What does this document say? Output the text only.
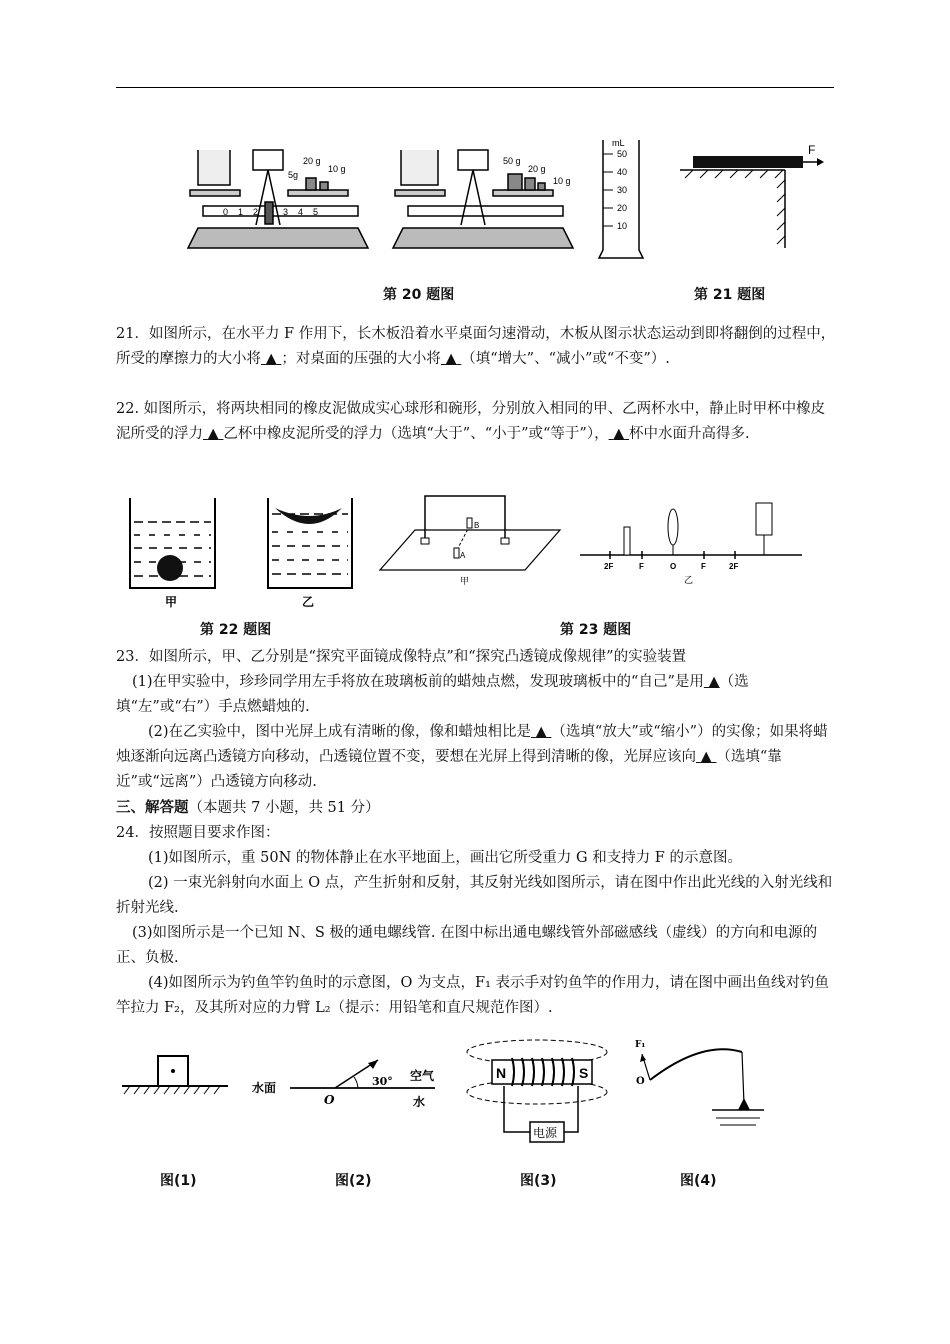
20 g
10 g
5g
50 g
20 g
10 g
0 1 2	3 4 5
mL
50
40
30
20
10
F
第 20 题图	第 21 题图
21．如图所示，在水平力 F 作用下，长木板沿着水平桌面匀速滑动，木板从图示状态运动到即将翻倒的过程中，所受的摩擦力的大小将 ▲ ；对桌面的压强的大小将 ▲ （填“增大”、“减小”或“不变”）.
22. 如图所示，将两块相同的橡皮泥做成实心球形和碗形，分别放入相同的甲、乙两杯水中，静止时甲杯中橡皮泥所受的浮力 ▲ 乙杯中橡皮泥所受的浮力（选填“大于”、“小于”或“等于”）， ▲ 杯中水面升高得多.
甲	乙
B
A
甲
2F	F	O	F	2F
乙
第 22 题图	第 23 题图
23．如图所示，甲、乙分别是“探究平面镜成像特点”和“探究凸透镜成像规律”的实验装置
(1)在甲实验中，珍珍同学用左手将放在玻璃板前的蜡烛点燃，发现玻璃板中的“自己”是用 ▲（选填“左”或“右”）手点燃蜡烛的.
(2)在乙实验中，图中光屏上成有清晰的像，像和蜡烛相比是 ▲ （选填“放大”或“缩小”）的实像；如果将蜡烛逐渐向远离凸透镜方向移动，凸透镜位置不变，要想在光屏上得到清晰的像，光屏应该向 ▲ （选填“靠近”或“远离”）凸透镜方向移动.
三、解答题（本题共 7 小题，共 51 分）
24．按照题目要求作图：
(1)如图所示，重 50N 的物体静止在水平地面上，画出它所受重力 G 和支持力 F 的示意图。
(2) 一束光斜射向水面上 O 点，产生折射和反射，其反射光线如图所示，请在图中作出此光线的入射光线和折射光线.
(3)如图所示是一个已知 N、S 极的通电螺线管. 在图中标出通电螺线管外部磁感线（虚线）的方向和电源的正、负极.
(4)如图所示为钓鱼竿钓鱼时的示意图，O 为支点，F₁ 表示手对钓鱼竿的作用力，请在图中画出鱼线对钓鱼竿拉力 F₂，及其所对应的力臂 L₂（提示：用铅笔和直尺规范作图）.
水面
O
30° 空气
水
N	S
电源
F₁
O
图(1)	图(2)	图(3)	图(4)
